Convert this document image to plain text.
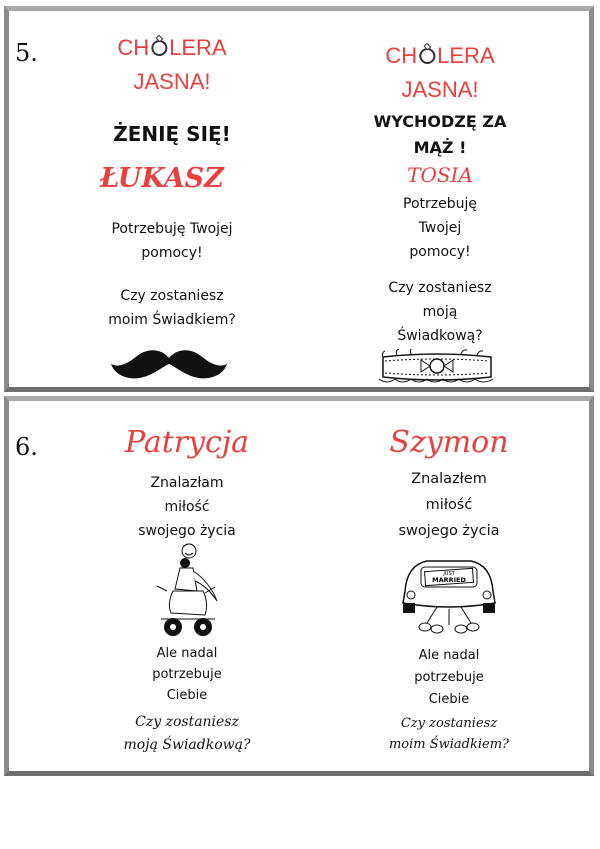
5.	CH LERA
JASNA!
ŻENIĘ SIĘ!
ŁUKASZ
Potrzebuję Twojej
pomocy!
Czy zostaniesz
moim Świadkiem?
CH LERA
JASNA!
WYCHODZĘ ZA
MĄŻ !
TOSIA
Potrzebuję
Twojej
pomocy!
Czy zostaniesz
moją
Świadkową?
6.	Patrycja
Znalazłam
miłość
swojego życia
Ale nadal
potrzebuje
Ciebie
Czy zostaniesz
moją Świadkową?
Szymon
Znalazłem
miłość
swojego życia
JUST
MARRIED
Ale nadal
potrzebuje
Ciebie
Czy zostaniesz
moim Świadkiem?
